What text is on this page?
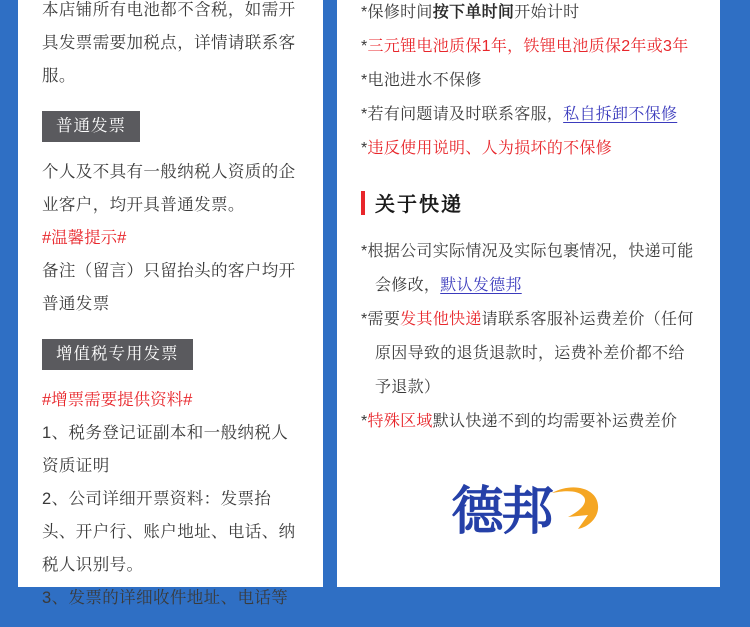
本店铺所有电池都不含税，如需开具发票需要加税点，详情请联系客服。

普通发票

个人及不具有一般纳税人资质的企业客户，均开具普通发票。

#温馨提示#

备注（留言）只留抬头的客户均开普通发票

增值税专用发票

#增票需要提供资料#

1、税务登记证副本和一般纳税人资质证明
2、公司详细开票资料：发票抬头、开户行、账户地址、电话、纳税人识别号。
3、发票的详细收件地址、电话等

*保修时间按下单时间开始计时

*三元锂电池质保1年，铁锂电池质保2年或3年

*电池进水不保修

*若有问题请及时联系客服，私自拆卸不保修

*违反使用说明、人为损坏的不保修

关于快递

*根据公司实际情况及实际包裹情况，快递可能会修改，默认发德邦

*需要发其他快递请联系客服补运费差价（任何原因导致的退货退款时，运费补差价都不给予退款）

*特殊区域默认快递不到的均需要补运费差价

德邦
